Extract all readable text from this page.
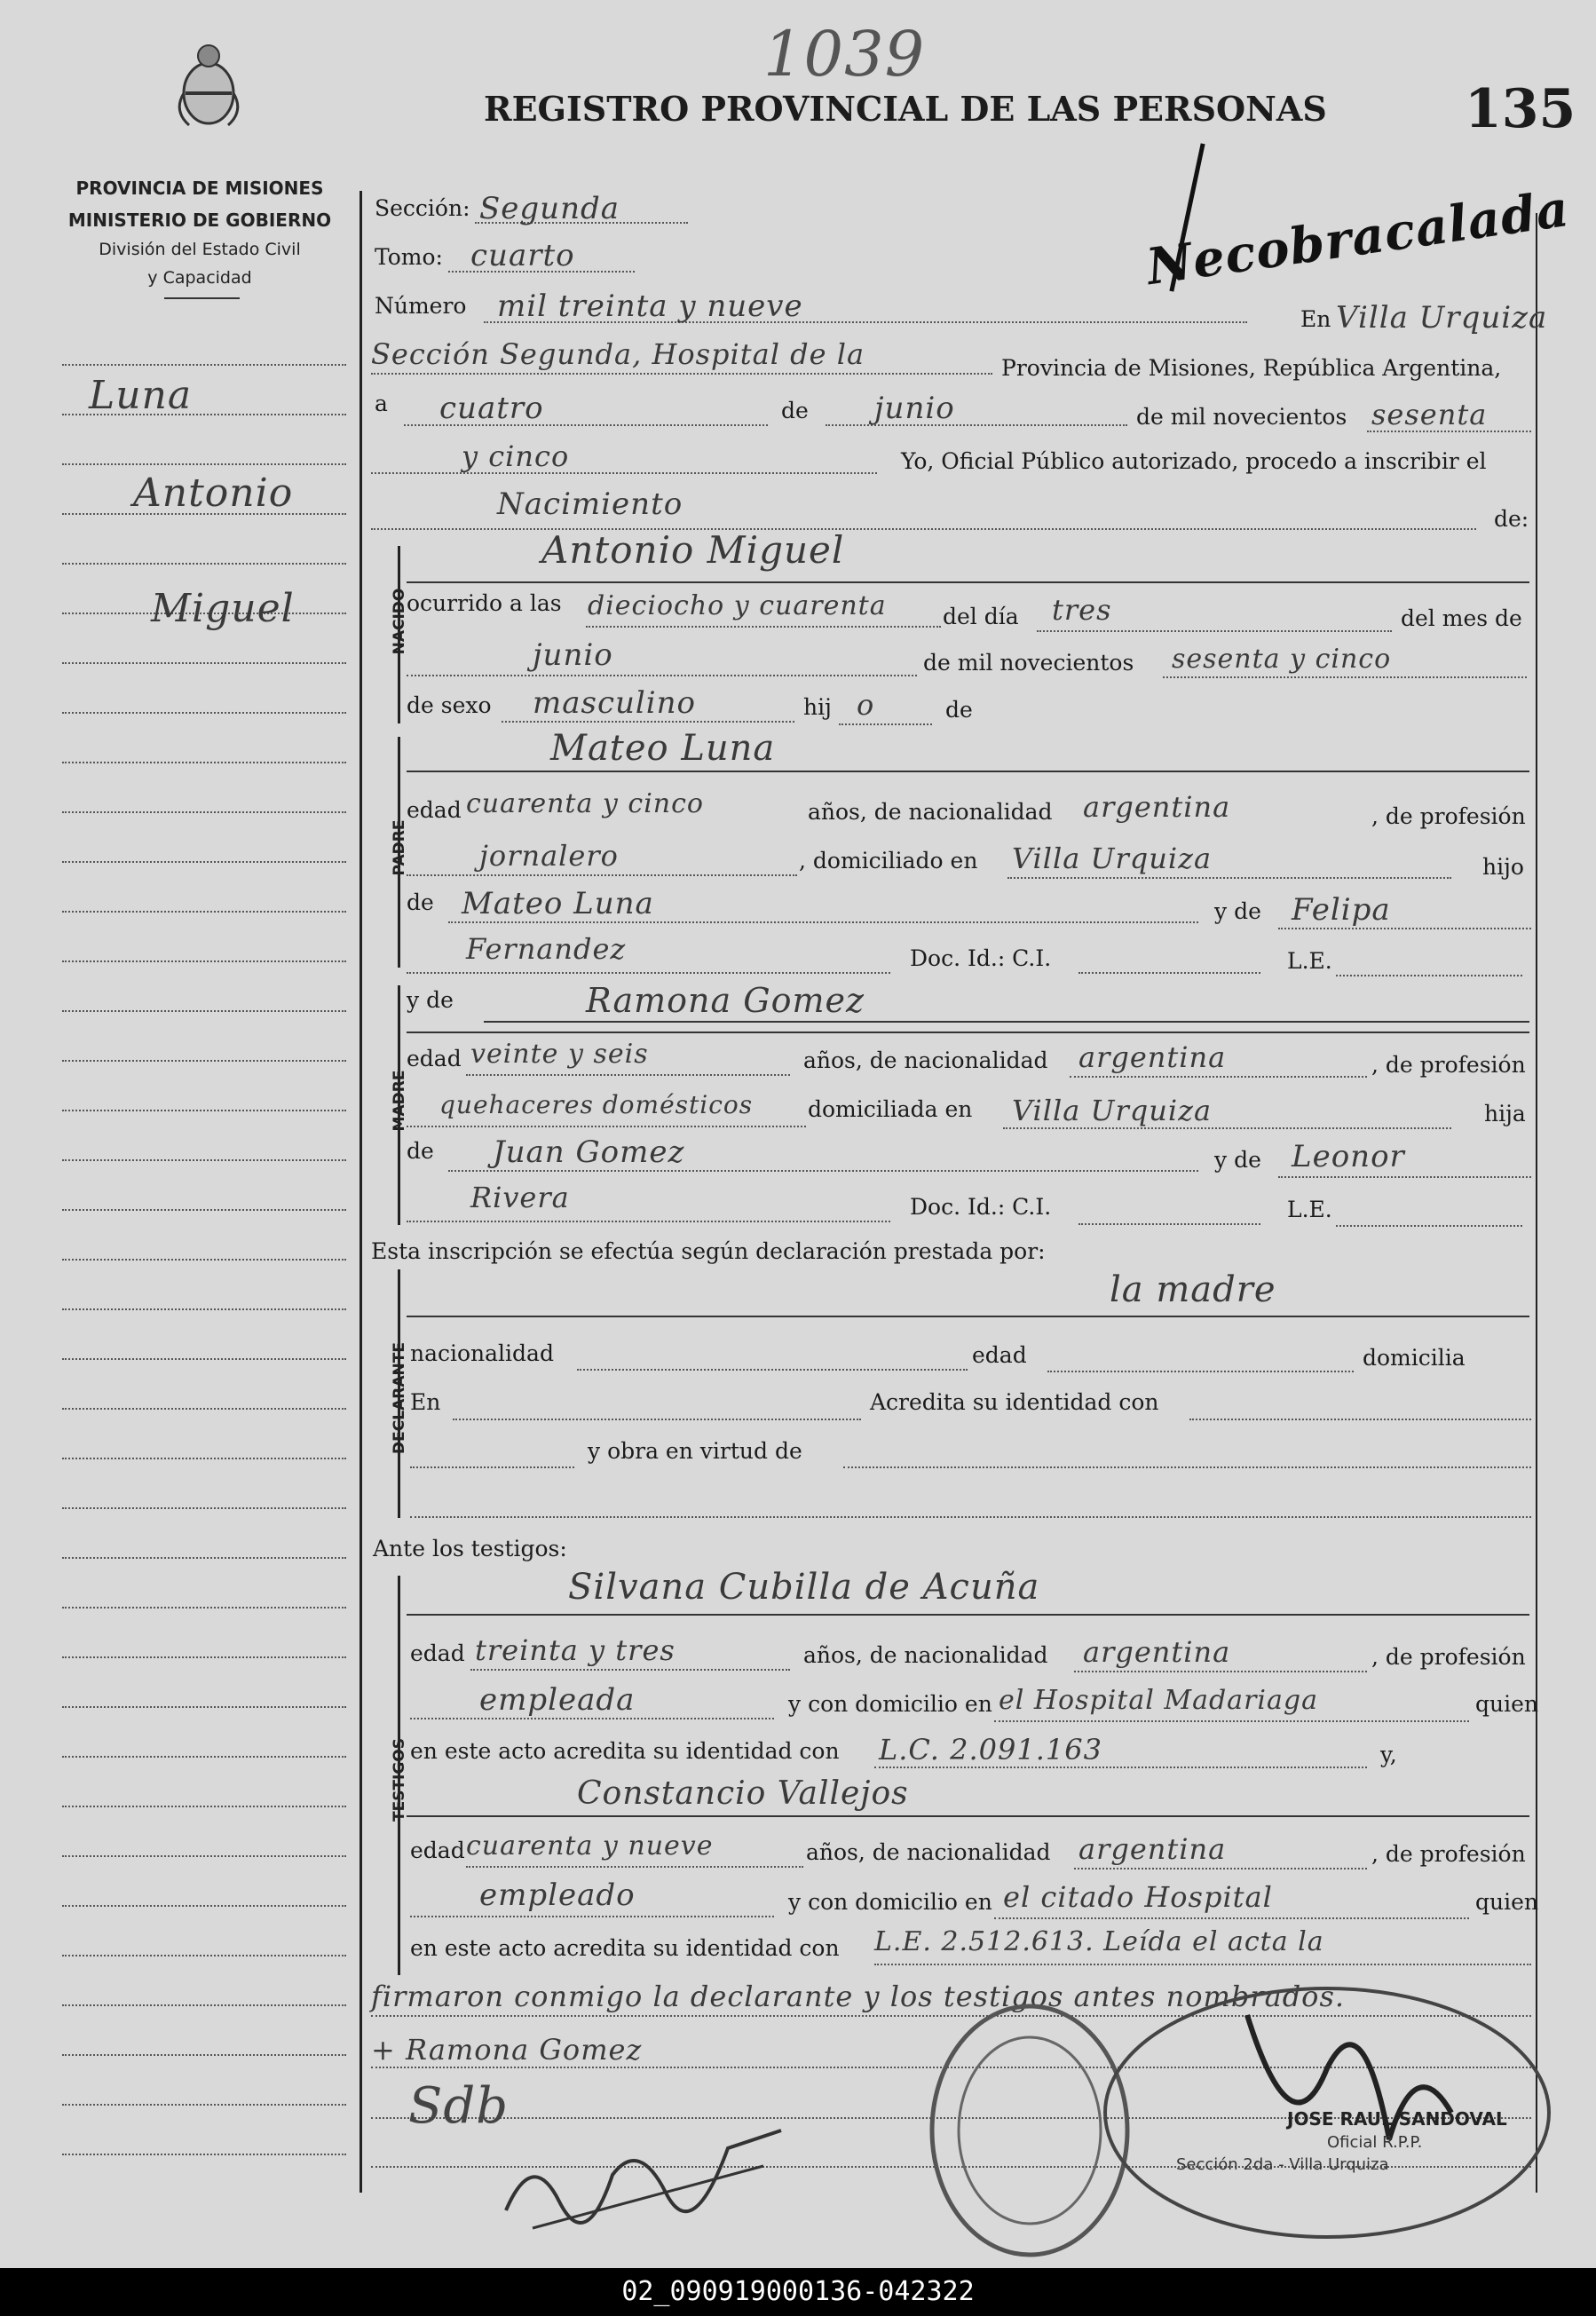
PROVINCIA DE MISIONES
MINISTERIO DE GOBIERNO
División del Estado Civil
y Capacidad
1039
REGISTRO PROVINCIAL DE LAS PERSONAS	135
Necobracalada
Luna
Antonio
Miguel
Sección: Segunda
Tomo: cuarto
Número mil treinta y nueve	En Villa Urquiza
Sección Segunda, Hospital de la	Provincia de Misiones, República Argentina,
a cuatro	de junio	de mil novecientos sesenta
y cinco	Yo, Oficial Público autorizado, procedo a inscribir el
Nacimiento	de:
NACIDO
Antonio Miguel
ocurrido a las dieciocho y cuarenta	del día tres	del mes de
junio	de mil novecientos sesenta y cinco
de sexo masculino	hij o	de
PADRE
Mateo Luna
edad cuarenta y cinco	años, de nacionalidad argentina	, de profesión
jornalero	, domiciliado en Villa Urquiza	hijo
de Mateo Luna	y de Felipa
Fernandez	Doc. Id.: C.I.	L.E.
MADRE
y de	Ramona Gomez
edad veinte y seis	años, de nacionalidad argentina	, de profesión
quehaceres domésticos domiciliada en Villa Urquiza	hija
de Juan Gomez	y de Leonor
Rivera	Doc. Id.: C.I.	L.E.
Esta inscripción se efectúa según declaración prestada por:
DECLARANTE
la madre
nacionalidad	edad	domicilia
En	Acredita su identidad con
y obra en virtud de
Ante los testigos:
TESTIGOS
Silvana Cubilla de Acuña
edad treinta y tres	años, de nacionalidad argentina	, de profesión
empleada	y con domicilio en el Hospital Madariaga	quien
en este acto acredita su identidad con L.C. 2.091.163	y,
Constancio Vallejos
edad cuarenta y nueve	años, de nacionalidad argentina	, de profesión
empleado	y con domicilio en el citado Hospital	quien
en este acto acredita su identidad con L.E. 2.512.613. Leída el acta la
firmaron conmigo la declarante y los testigos antes nombrados.
+ Ramona Gomez
Sdb	JOSE RAUL SANDOVAL
Oficial R.P.P.
Sección 2da - Villa Urquiza
02_090919000136-042322
